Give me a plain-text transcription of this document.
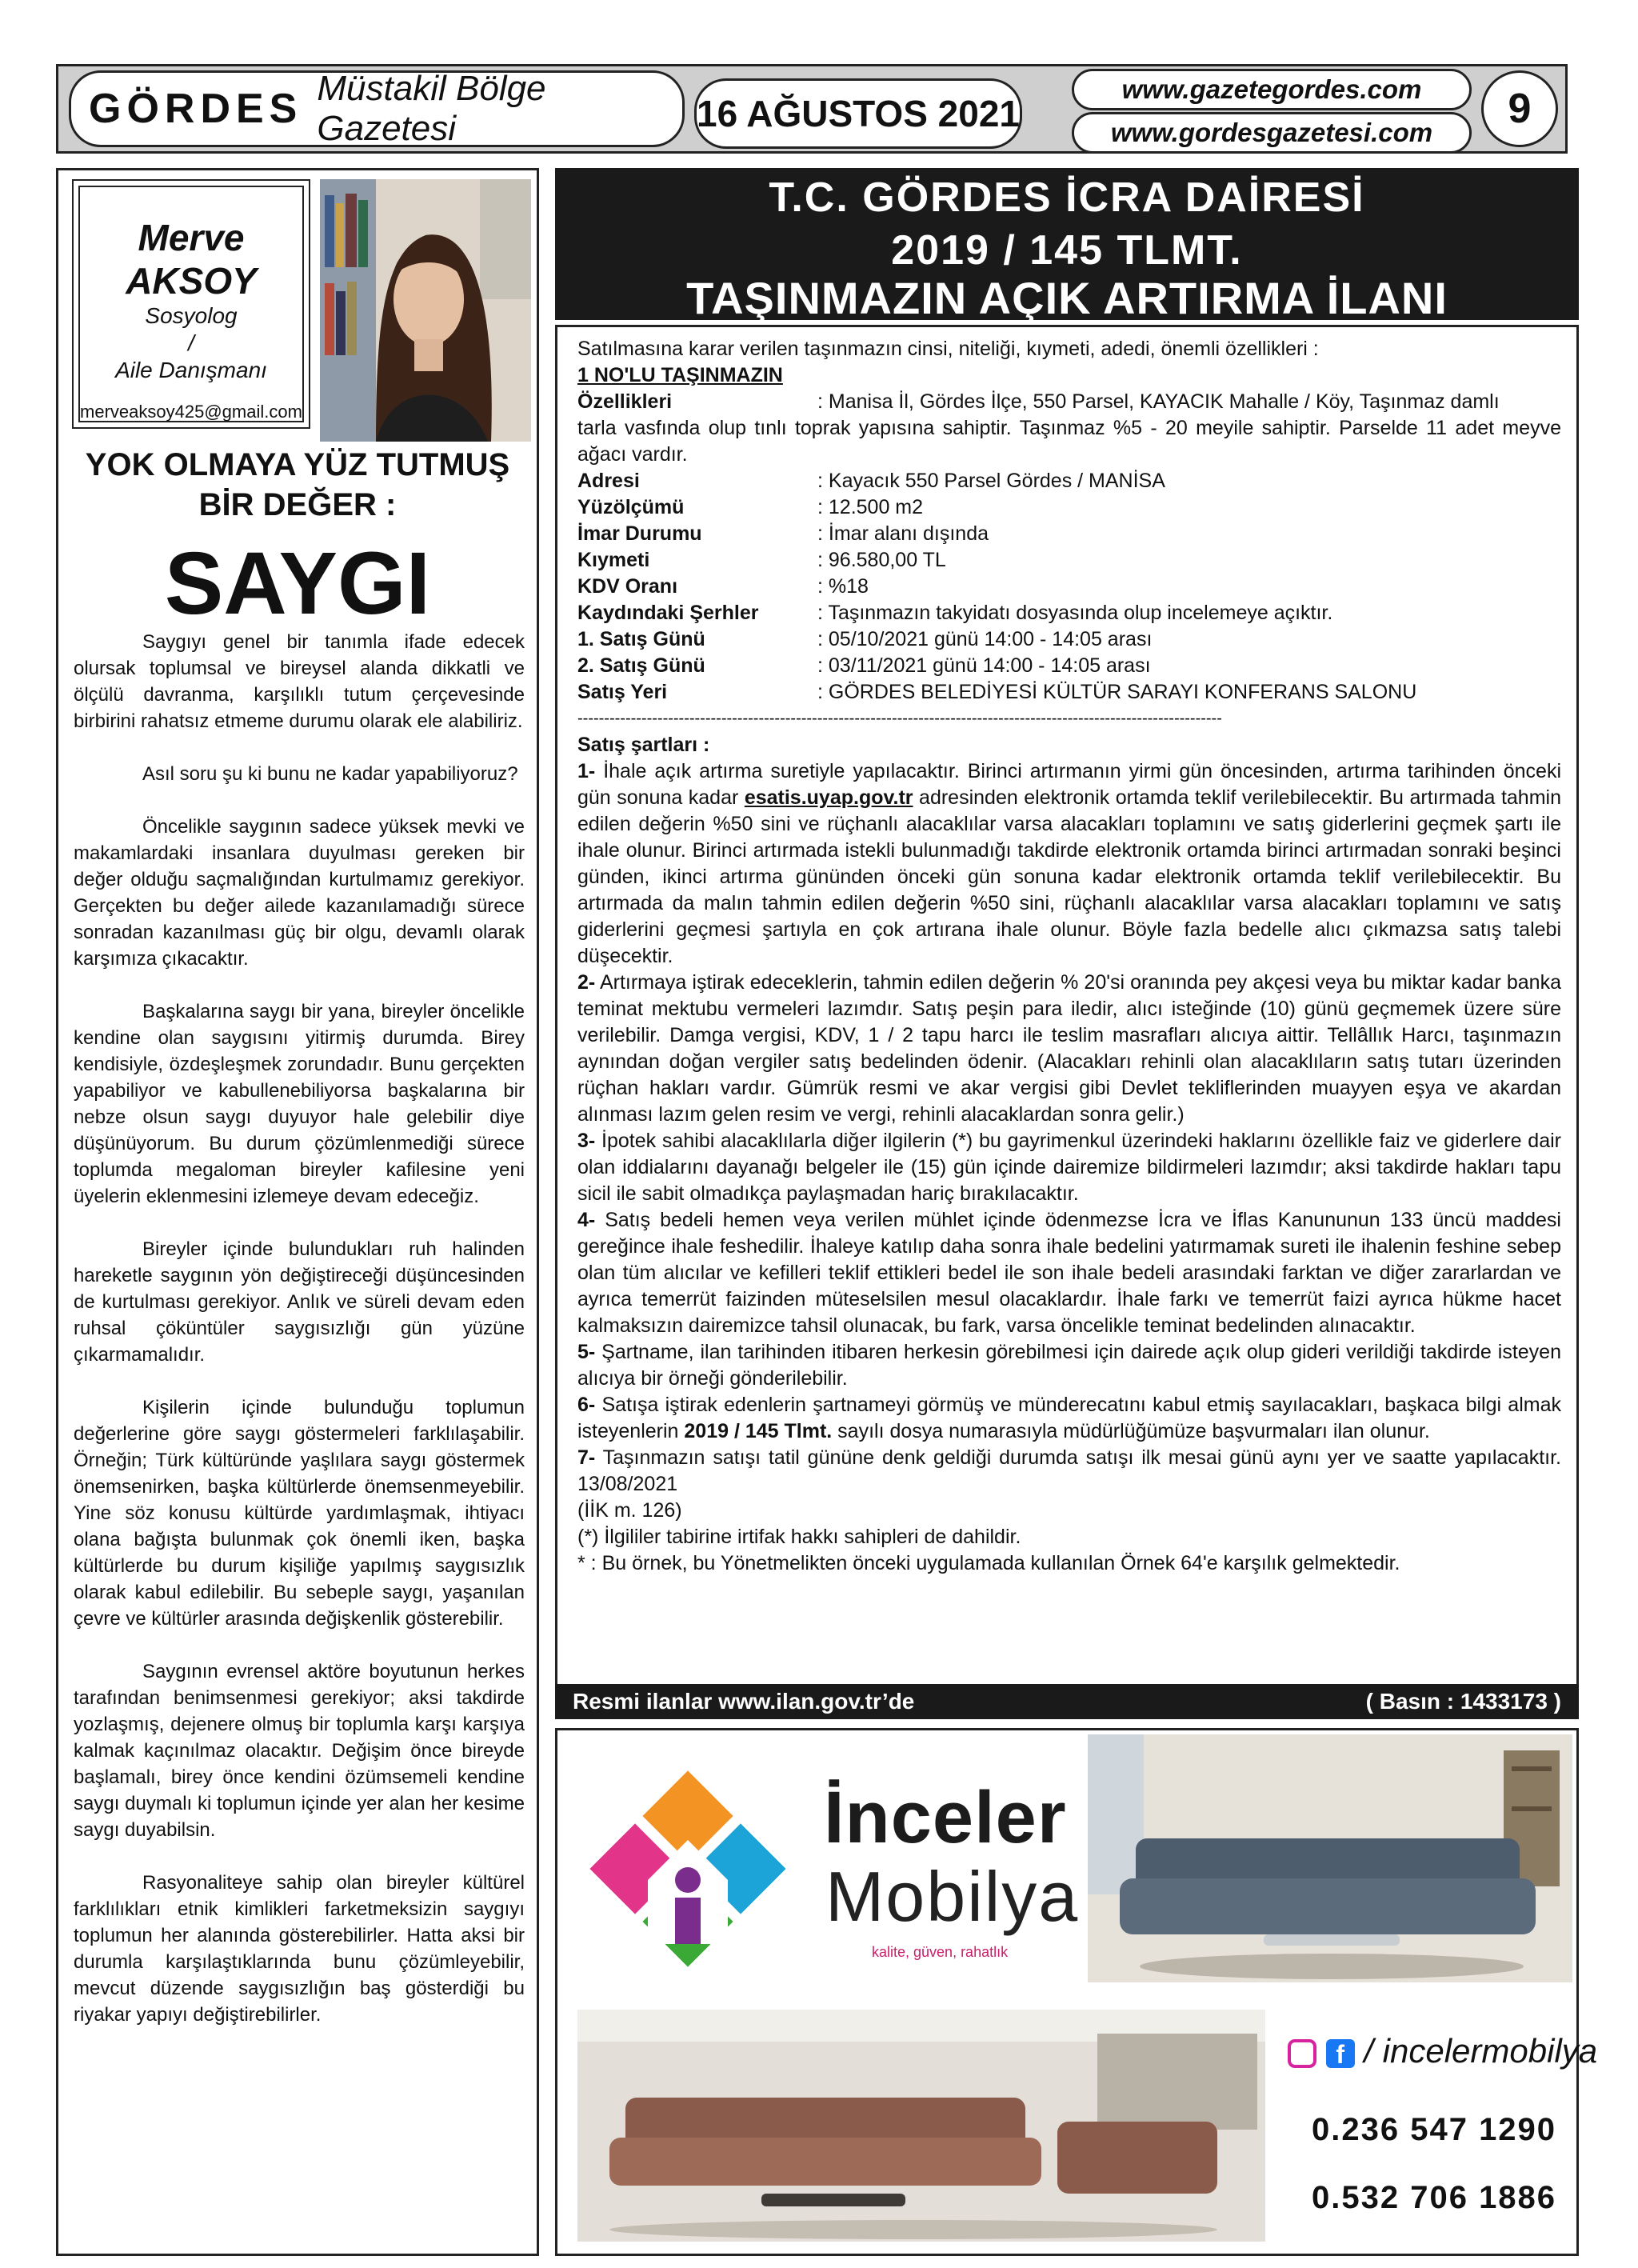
GÖRDES Müstakil Bölge Gazetesi	16 AĞUSTOS 2021
www.gazetegordes.com
www.gordesgazetesi.com
9
Merve
AKSOY
Sosyolog
/
Aile Danışmanı
merveaksoy425@gmail.com
YOK OLMAYA YÜZ TUTMUŞ
BİR DEĞER :
SAYGI

Saygıyı genel bir tanımla ifade edecek olursak toplumsal ve bireysel alanda dikkatli ve ölçülü davranma, karşılıklı tutum çerçevesinde birbirini rahatsız etmeme durumu olarak ele alabiliriz.

Asıl soru şu ki bunu ne kadar yapabiliyoruz?

Öncelikle saygının sadece yüksek mevki ve makamlardaki insanlara duyulması gereken bir değer olduğu saçmalığından kurtulmamız gerekiyor. Gerçekten bu değer ailede kazanılamadığı sürece sonradan kazanılması güç bir olgu, devamlı olarak karşımıza çıkacaktır.

Başkalarına saygı bir yana, bireyler öncelikle kendine olan saygısını yitirmiş durumda. Birey kendisiyle, özdeşleşmek zorundadır. Bunu gerçekten yapabiliyor ve kabullenebiliyorsa başkalarına bir nebze olsun saygı duyuyor hale gelebilir diye düşünüyorum. Bu durum çözümlenmediği sürece toplumda megaloman bireyler kafilesine yeni üyelerin eklenmesini izlemeye devam edeceğiz.

Bireyler içinde bulundukları ruh halinden hareketle saygının yön değiştireceği düşüncesinden de kurtulması gerekiyor. Anlık ve süreli devam eden ruhsal çöküntüler saygısızlığı gün yüzüne çıkarmamalıdır.

Kişilerin içinde bulunduğu toplumun değerlerine göre saygı göstermeleri farklılaşabilir. Örneğin; Türk kültüründe yaşlılara saygı göstermek önemsenirken, başka kültürlerde önemsenmeyebilir. Yine söz konusu kültürde yardımlaşmak, ihtiyacı olana bağışta bulunmak çok önemli iken, başka kültürlerde bu durum kişiliğe yapılmış saygısızlık olarak kabul edilebilir. Bu sebeple saygı, yaşanılan çevre ve kültürler arasında değişkenlik gösterebilir.

Saygının evrensel aktöre boyutunun herkes tarafından benimsenmesi gerekiyor; aksi takdirde yozlaşmış, dejenere olmuş bir toplumla karşı karşıya kalmak kaçınılmaz olacaktır. Değişim önce bireyde başlamalı, birey önce kendini özümsemeli kendine saygı duymalı ki toplumun içinde yer alan her kesime saygı duyabilsin.

Rasyonaliteye sahip olan bireyler kültürel farklılıkları etnik kimlikleri farketmeksizin saygıyı toplumun her alanında gösterebilirler. Hatta aksi bir durumla karşılaştıklarında bunu çözümleyebilir, mevcut düzende saygısızlığın baş gösterdiği bu riyakar yapıyı değiştirebilirler.

T.C. GÖRDES İCRA DAİRESİ
2019 / 145 TLMT.
TAŞINMAZIN AÇIK ARTIRMA İLANI

Satılmasına karar verilen taşınmazın cinsi, niteliği, kıymeti, adedi, önemli özellikleri :

1 NO'LU TAŞINMAZIN

Özellikleri	: Manisa İl, Gördes İlçe, 550 Parsel, KAYACIK Mahalle / Köy, Taşınmaz damlı

tarla vasfında olup tınlı toprak yapısına sahiptir. Taşınmaz %5 - 20 meyile sahiptir. Parselde 11 adet meyve ağacı vardır.

Adresi	: Kayacık 550 Parsel Gördes / MANİSA
Yüzölçümü	: 12.500 m2
İmar Durumu	: İmar alanı dışında
Kıymeti	: 96.580,00 TL
KDV Oranı	: %18
Kaydındaki Şerhler	: Taşınmazın takyidatı dosyasında olup incelemeye açıktır.
1. Satış Günü	: 05/10/2021 günü 14:00 - 14:05 arası
2. Satış Günü	: 03/11/2021 günü 14:00 - 14:05 arası
Satış Yeri	: GÖRDES BELEDİYESİ KÜLTÜR SARAYI KONFERANS SALONU

-------------------------------------------------------------------------------------------------------------------------

Satış şartları :

1- İhale açık artırma suretiyle yapılacaktır. Birinci artırmanın yirmi gün öncesinden, artırma tarihinden önceki gün sonuna kadar esatis.uyap.gov.tr adresinden elektronik ortamda teklif verilebilecektir. Bu artırmada tahmin edilen değerin %50 sini ve rüçhanlı alacaklılar varsa alacakları toplamını ve satış giderlerini geçmek şartı ile ihale olunur. Birinci artırmada istekli bulunmadığı takdirde elektronik ortamda birinci artırmadan sonraki beşinci günden, ikinci artırma gününden önceki gün sonuna kadar elektronik ortamda teklif verilebilecektir. Bu artırmada da malın tahmin edilen değerin %50 sini, rüçhanlı alacaklılar varsa alacakları toplamını ve satış giderlerini geçmesi şartıyla en çok artırana ihale olunur. Böyle fazla bedelle alıcı çıkmazsa satış talebi düşecektir.

2- Artırmaya iştirak edeceklerin, tahmin edilen değerin % 20'si oranında pey akçesi veya bu miktar kadar banka teminat mektubu vermeleri lazımdır. Satış peşin para iledir, alıcı isteğinde (10) günü geçmemek üzere süre verilebilir. Damga vergisi, KDV, 1 / 2 tapu harcı ile teslim masrafları alıcıya aittir. Tellâllık Harcı, taşınmazın aynından doğan vergiler satış bedelinden ödenir. (Alacakları rehinli olan alacaklıların satış tutarı üzerinden rüçhan hakları vardır. Gümrük resmi ve akar vergisi gibi Devlet tekliflerinden muayyen eşya ve akardan alınması lazım gelen resim ve vergi, rehinli alacaklardan sonra gelir.)

3- İpotek sahibi alacaklılarla diğer ilgilerin (*) bu gayrimenkul üzerindeki haklarını özellikle faiz ve giderlere dair olan iddialarını dayanağı belgeler ile (15) gün içinde dairemize bildirmeleri lazımdır; aksi takdirde hakları tapu sicil ile sabit olmadıkça paylaşmadan hariç bırakılacaktır.

4- Satış bedeli hemen veya verilen mühlet içinde ödenmezse İcra ve İflas Kanununun 133 üncü maddesi gereğince ihale feshedilir. İhaleye katılıp daha sonra ihale bedelini yatırmamak sureti ile ihalenin feshine sebep olan tüm alıcılar ve kefilleri teklif ettikleri bedel ile son ihale bedeli arasındaki farktan ve diğer zararlardan ve ayrıca temerrüt faizinden müteselsilen mesul olacaklardır. İhale farkı ve temerrüt faizi ayrıca hükme hacet kalmaksızın dairemizce tahsil olunacak, bu fark, varsa öncelikle teminat bedelinden alınacaktır.

5- Şartname, ilan tarihinden itibaren herkesin görebilmesi için dairede açık olup gideri verildiği takdirde isteyen alıcıya bir örneği gönderilebilir.

6- Satışa iştirak edenlerin şartnameyi görmüş ve münderecatını kabul etmiş sayılacakları, başkaca bilgi almak isteyenlerin 2019 / 145 Tlmt. sayılı dosya numarasıyla müdürlüğümüze başvurmaları ilan olunur.

7- Taşınmazın satışı tatil gününe denk geldiği durumda satışı ilk mesai günü aynı yer ve saatte yapılacaktır. 13/08/2021

(İİK m. 126)

(*) İlgililer tabirine irtifak hakkı sahipleri de dahildir.

* : Bu örnek, bu Yönetmelikten önceki uygulamada kullanılan Örnek 64'e karşılık gelmektedir.

Resmi ilanlar www.ilan.gov.tr’de	( Basın : 1433173 )
İnceler
Mobilya
kalite, güven, rahatlık
f / incelermobilya
0.236 547 1290
0.532 706 1886
